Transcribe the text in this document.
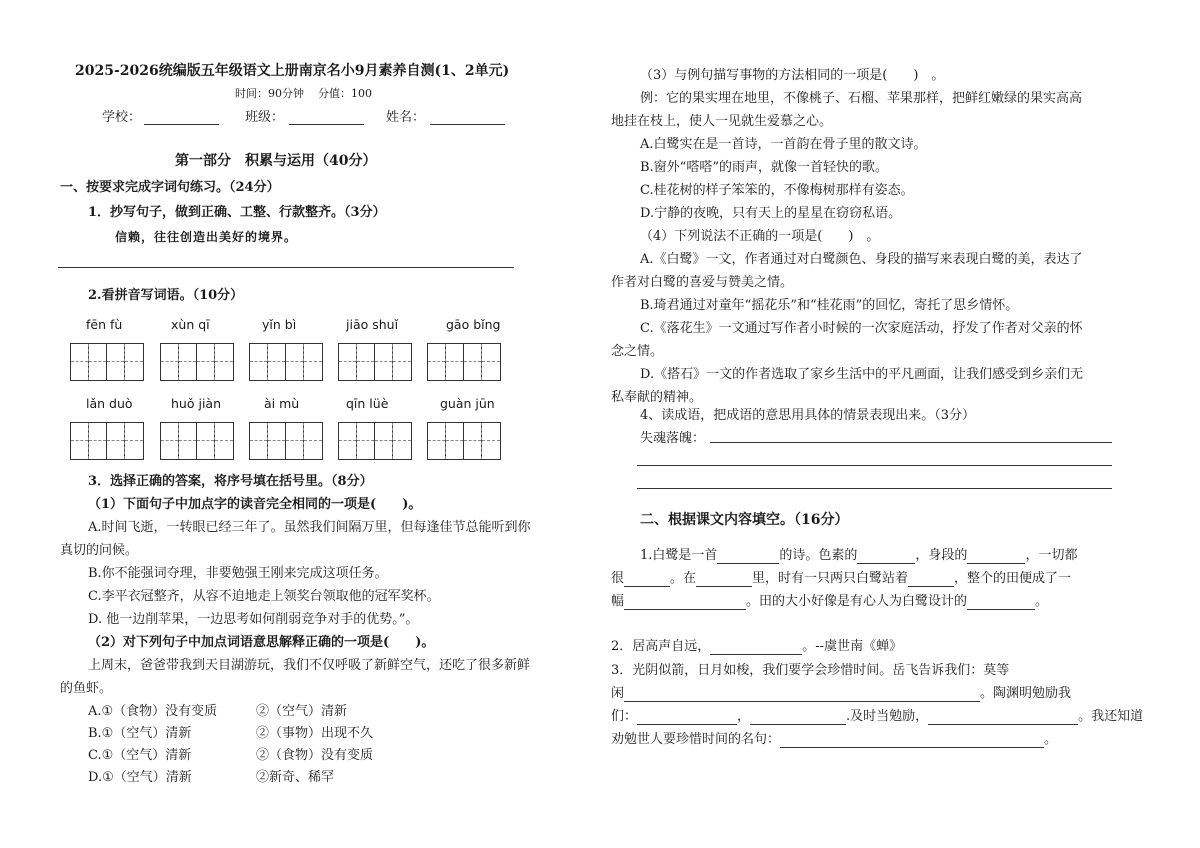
2025-2026统编版五年级语文上册南京名小9月素养自测(1、2单元)
时间：90分钟 分值：100
学校：	班级：	姓名：
第一部分　积累与运用（40分）
一、按要求完成字词句练习。（24分）
1．抄写句子，做到正确、工整、行款整齐。（3分）
信赖，往往创造出美好的境界。
2.看拼音写词语。（10分）
fēn fù	xùn qī	yǐn bì	jiāo shuǐ	gāo bǐng
lǎn duò	huǒ jiàn	ài mù	qīn lüè	guàn jūn
3．选择正确的答案，将序号填在括号里。（8分）
（1）下面句子中加点字的读音完全相同的一项是(　　)。
A.时间飞逝，一转眼已经三年了。虽然我们间隔万里，但每逢佳节总能听到你
真切的问候。
B.你不能强词夺理，非要勉强王刚来完成这项任务。
C.李平衣冠整齐，从容不迫地走上领奖台领取他的冠军奖杯。
D. 他一边削苹果，一边思考如何削弱竞争对手的优势。”。
（2）对下列句子中加点词语意思解释正确的一项是(　　)。
上周末，爸爸带我到天目湖游玩，我们不仅呼吸了新鲜空气，还吃了很多新鲜
的鱼虾。
A.①（食物）没有变质	②（空气）清新
B.①（空气）清新	②（事物）出现不久
C.①（空气）清新	②（食物）没有变质
D.①（空气）清新	②新奇、稀罕
（3）与例句描写事物的方法相同的一项是(　　)　。
例：它的果实埋在地里，不像桃子、石榴、苹果那样，把鲜红嫩绿的果实高高
地挂在枝上，使人一见就生爱慕之心。
A.白鹭实在是一首诗，一首韵在骨子里的散文诗。
B.窗外“嗒嗒”的雨声，就像一首轻快的歌。
C.桂花树的样子笨笨的，不像梅树那样有姿态。
D.宁静的夜晚，只有天上的星星在窃窃私语。
（4）下列说法不正确的一项是(　　)　。
A.《白鹭》一文，作者通过对白鹭颜色、身段的描写来表现白鹭的美，表达了
作者对白鹭的喜爱与赞美之情。
B.琦君通过对童年“摇花乐”和“桂花雨”的回忆，寄托了思乡情怀。
C.《落花生》一文通过写作者小时候的一次家庭活动，抒发了作者对父亲的怀
念之情。
D.《搭石》一文的作者选取了家乡生活中的平凡画面，让我们感受到乡亲们无
私奉献的精神。
4、读成语，把成语的意思用具体的情景表现出来。（3分）
失魂落魄：
二、根据课文内容填空。（16分）
1.白鹭是一首	的诗。色素的	，身段的	，一切都
很	。在	里，时有一只两只白鹭站着	，整个的田便成了一
幅	。田的大小好像是有心人为白鹭设计的	。
2．居高声自远，	。--虞世南《蝉》
3．光阴似箭，日月如梭，我们要学会珍惜时间。岳飞告诉我们：莫等
闲	。陶渊明勉励我
们：	，	.及时当勉励，	。我还知道
劝勉世人要珍惜时间的名句：	。
